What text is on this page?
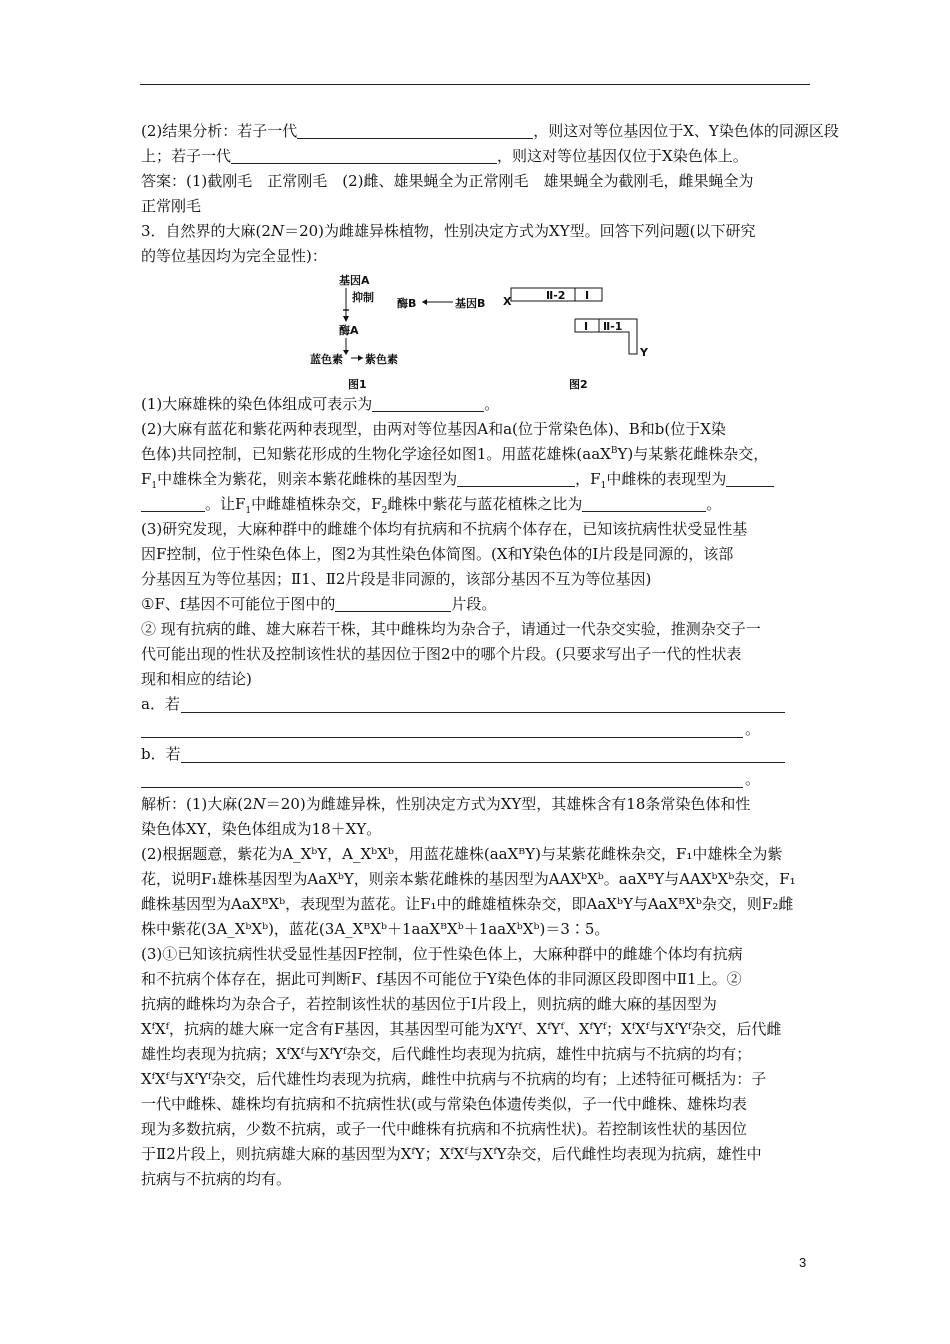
(2)结果分析：若子一代	，则这对等位基因位于X、Y染色体的同源区段

上；若子一代	，则这对等位基因仅位于X染色体上。

答案：(1)截刚毛　正常刚毛　(2)雌、雄果蝇全为正常刚毛　雄果蝇全为截刚毛，雌果蝇全为

正常刚毛

3．自然界的大麻(2N＝20)为雌雄异株植物，性别决定方式为XY型。回答下列问题(以下研究

的等位基因均为完全显性)：

基因A
抑制 酶B	基因B
酶A
蓝色素 紫色素
图1
Ⅱ-2 Ⅰ
X
Ⅰ Ⅱ-1
Y
图2

(1)大麻雄株的染色体组成可表示为	。

(2)大麻有蓝花和紫花两种表现型，由两对等位基因A和a(位于常染色体)、B和b(位于X染

色体)共同控制，已知紫花形成的生物化学途径如图1。用蓝花雄株(aaX$^B$Y)与某紫花雌株杂交，

$F_1$中雄株全为紫花，则亲本紫花雌株的基因型为	，$F_1$中雌株的表现型为

。让$F_1$中雌雄植株杂交，$F_2$雌株中紫花与蓝花植株之比为	。

(3)研究发现，大麻种群中的雌雄个体均有抗病和不抗病个体存在，已知该抗病性状受显性基

因F控制，位于性染色体上，图2为其性染色体简图。(X和Y染色体的Ⅰ片段是同源的，该部

分基因互为等位基因；Ⅱ1、Ⅱ2片段是非同源的，该部分基因不互为等位基因)

①F、f基因不可能位于图中的	片段。

② 现有抗病的雌、雄大麻若干株，其中雌株均为杂合子，请通过一代杂交实验，推测杂交子一

代可能出现的性状及控制该性状的基因位于图2中的哪个片段。(只要求写出子一代的性状表

现和相应的结论)

a．若
。
b．若
。

解析：(1)大麻(2N＝20)为雌雄异株，性别决定方式为XY型，其雄株含有18条常染色体和性

染色体XY，染色体组成为18＋XY。

(2)根据题意，紫花为A_XᵇY，A_XᵇXᵇ，用蓝花雄株(aaXᴮY)与某紫花雌株杂交，F₁中雄株全为紫

花，说明F₁雄株基因型为AaXᵇY，则亲本紫花雌株的基因型为AAXᵇXᵇ。aaXᴮY与AAXᵇXᵇ杂交，F₁

雌株基因型为AaXᴮXᵇ，表现型为蓝花。让F₁中的雌雄植株杂交，即AaXᵇY与AaXᴮXᵇ杂交，则F₂雌

株中紫花(3A_XᵇXᵇ)，蓝花(3A_XᴮXᵇ＋1aaXᴮXᵇ＋1aaXᵇXᵇ)＝3∶5。

(3)①已知该抗病性状受显性基因F控制，位于性染色体上，大麻种群中的雌雄个体均有抗病

和不抗病个体存在，据此可判断F、f基因不可能位于Y染色体的非同源区段即图中Ⅱ1上。②

抗病的雌株均为杂合子，若控制该性状的基因位于Ⅰ片段上，则抗病的雌大麻的基因型为

XᶠXᶠ，抗病的雄大麻一定含有F基因，其基因型可能为XᶠYᶠ、XᶠYᶠ、XᶠYᶠ；XᶠXᶠ与XᶠYᶠ杂交，后代雌

雄性均表现为抗病；XᶠXᶠ与XᶠYᶠ杂交，后代雌性均表现为抗病，雄性中抗病与不抗病的均有；

XᶠXᶠ与XᶠYᶠ杂交，后代雄性均表现为抗病，雌性中抗病与不抗病的均有；上述特征可概括为：子

一代中雌株、雄株均有抗病和不抗病性状(或与常染色体遗传类似，子一代中雌株、雄株均表

现为多数抗病，少数不抗病，或子一代中雌株有抗病和不抗病性状)。若控制该性状的基因位

于Ⅱ2片段上，则抗病雄大麻的基因型为XᶠY；XᶠXᶠ与XᶠY杂交，后代雌性均表现为抗病，雄性中

抗病与不抗病的均有。

3
